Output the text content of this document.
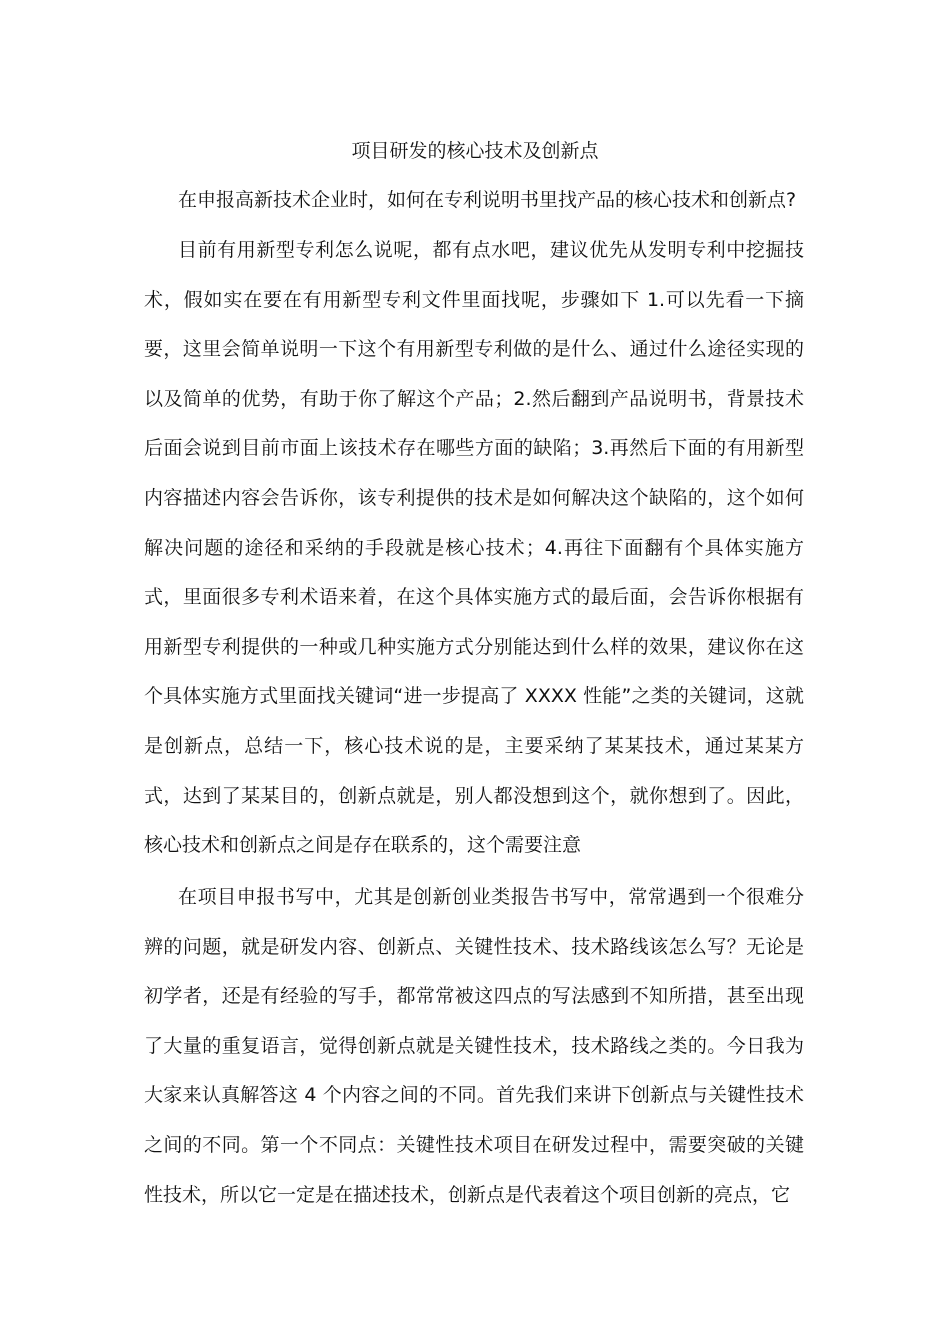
项目研发的核心技术及创新点

在申报高新技术企业时，如何在专利说明书里找产品的核心技术和创新点?

目前有用新型专利怎么说呢，都有点水吧，建议优先从发明专利中挖掘技术，假如实在要在有用新型专利文件里面找呢，步骤如下 1.可以先看一下摘要，这里会简单说明一下这个有用新型专利做的是什么、通过什么途径实现的以及简单的优势，有助于你了解这个产品；2.然后翻到产品说明书，背景技术后面会说到目前市面上该技术存在哪些方面的缺陷；3.再然后下面的有用新型内容描述内容会告诉你，该专利提供的技术是如何解决这个缺陷的，这个如何解决问题的途径和采纳的手段就是核心技术；4.再往下面翻有个具体实施方式，里面很多专利术语来着，在这个具体实施方式的最后面，会告诉你根据有用新型专利提供的一种或几种实施方式分别能达到什么样的效果，建议你在这个具体实施方式里面找关键词“进一步提高了 XXXX 性能”之类的关键词，这就是创新点，总结一下，核心技术说的是，主要采纳了某某技术，通过某某方式，达到了某某目的，创新点就是，别人都没想到这个，就你想到了。因此，核心技术和创新点之间是存在联系的，这个需要注意

在项目申报书写中，尤其是创新创业类报告书写中，常常遇到一个很难分辨的问题，就是研发内容、创新点、关键性技术、技术路线该怎么写？无论是初学者，还是有经验的写手，都常常被这四点的写法感到不知所措，甚至出现了大量的重复语言，觉得创新点就是关键性技术，技术路线之类的。今日我为大家来认真解答这 4 个内容之间的不同。首先我们来讲下创新点与关键性技术之间的不同。第一个不同点：关键性技术项目在研发过程中，需要突破的关键性技术，所以它一定是在描述技术，创新点是代表着这个项目创新的亮点，它
